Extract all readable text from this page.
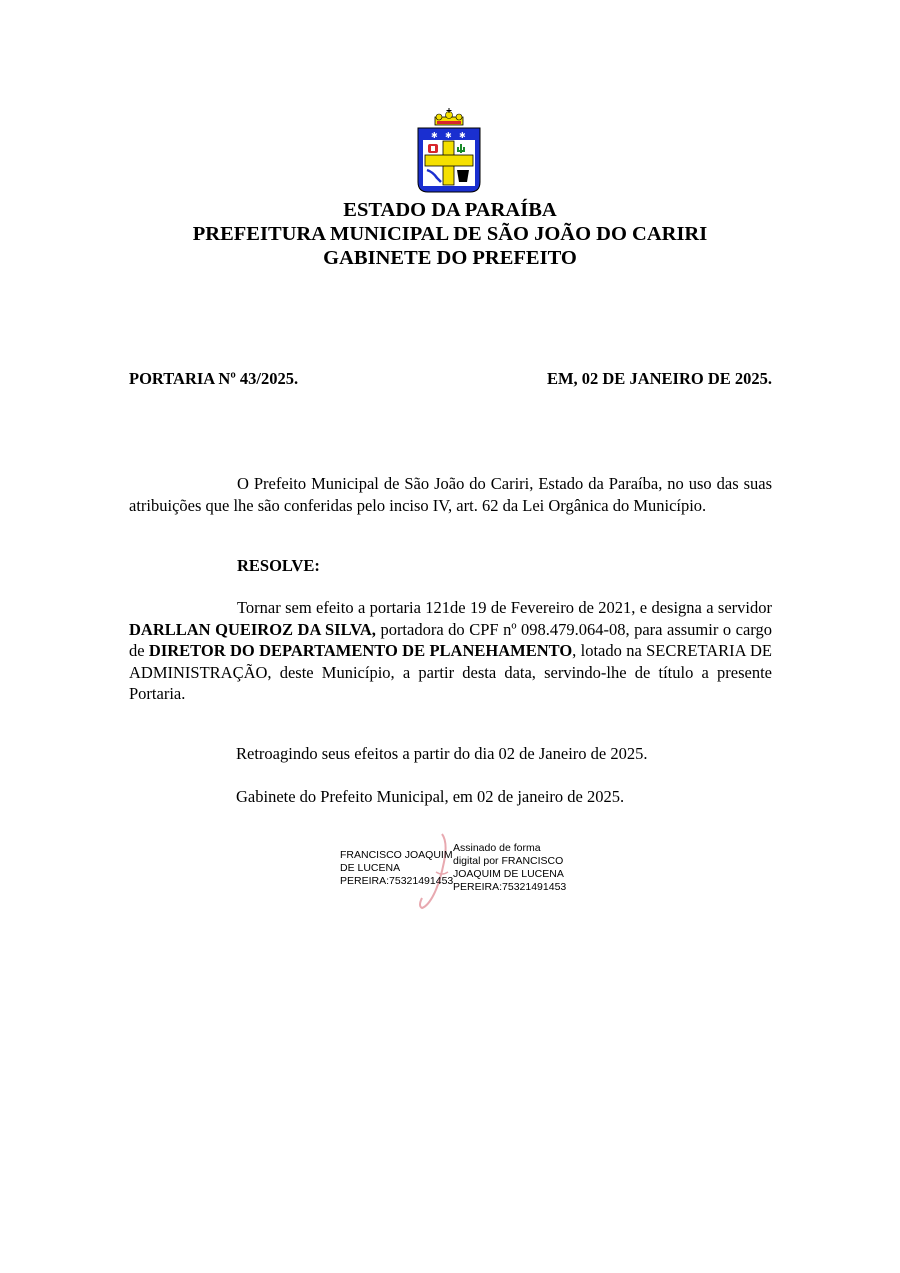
✱ ✱ ✱
ESTADO DA PARAÍBA
PREFEITURA MUNICIPAL DE SÃO JOÃO DO CARIRI
GABINETE DO PREFEITO
PORTARIA Nº 43/2025.	EM, 02 DE JANEIRO DE 2025.
O Prefeito Municipal de São João do Cariri, Estado da Paraíba, no uso das suas atribuições que lhe são conferidas pelo inciso IV, art. 62 da Lei Orgânica do Município.
RESOLVE:
Tornar sem efeito a portaria 121de 19 de Fevereiro de 2021, e designa a servidor DARLLAN QUEIROZ DA SILVA, portadora do CPF nº 098.479.064-08, para assumir o cargo de DIRETOR DO DEPARTAMENTO DE PLANEHAMENTO, lotado na SECRETARIA DE ADMINISTRAÇÃO, deste Município, a partir desta data, servindo-lhe de título a presente Portaria.
Retroagindo seus efeitos a partir do dia 02 de Janeiro de 2025.
Gabinete do Prefeito Municipal, em 02 de janeiro de 2025.
FRANCISCO JOAQUIM
DE LUCENA
PEREIRA:75321491453
Assinado de forma
digital por FRANCISCO
JOAQUIM DE LUCENA
PEREIRA:75321491453
